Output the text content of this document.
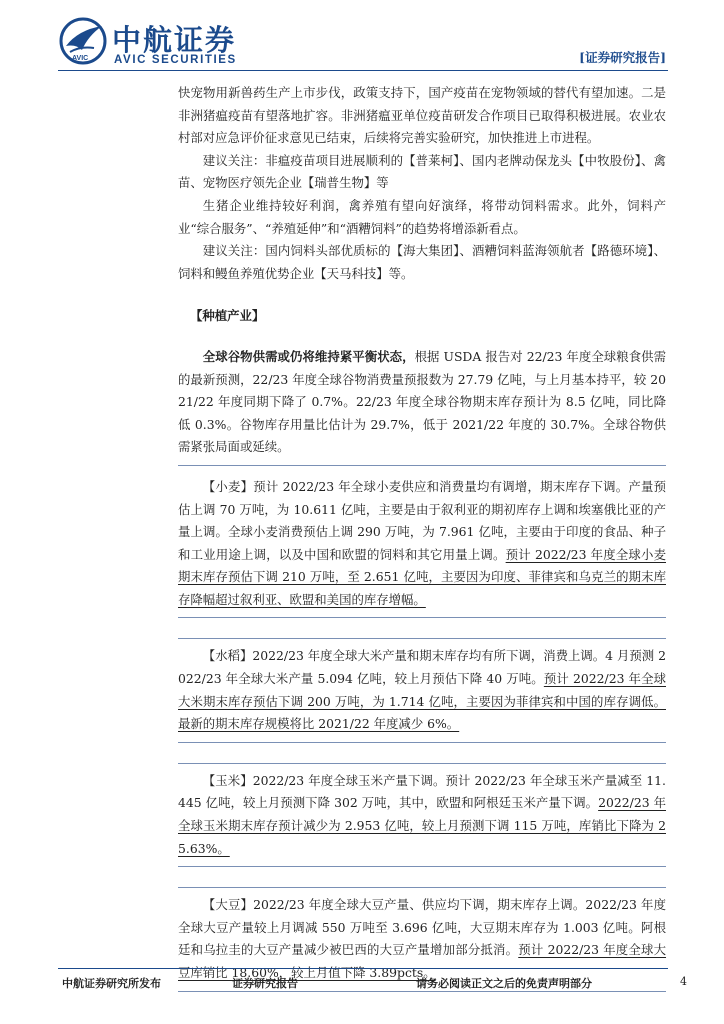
AVIC
中航证券
AVIC SECURITIES	[证券研究报告]

快宠物用新兽药生产上市步伐，政策支持下，国产疫苗在宠物领域的替代有望加速。二是非洲猪瘟疫苗有望落地扩容。非洲猪瘟亚单位疫苗研发合作项目已取得积极进展。农业农村部对应急评价征求意见已结束，后续将完善实验研究，加快推进上市进程。

建议关注：非瘟疫苗项目进展顺利的【普莱柯】、国内老牌动保龙头【中牧股份】、禽苗、宠物医疗领先企业【瑞普生物】等

生猪企业维持较好利润，禽养殖有望向好演绎，将带动饲料需求。此外，饲料产业“综合服务”、“养殖延伸”和“酒糟饲料”的趋势将增添新看点。

建议关注：国内饲料头部优质标的【海大集团】、酒糟饲料蓝海领航者【路德环境】、饲料和鳗鱼养殖优势企业【天马科技】等。

【种植产业】

全球谷物供需或仍将维持紧平衡状态，根据 USDA 报告对 22/23 年度全球粮食供需的最新预测，22/23 年度全球谷物消费量预报数为 27.79 亿吨，与上月基本持平，较 2021/22 年度同期下降了 0.7%。22/23 年度全球谷物期末库存预计为 8.5 亿吨，同比降低 0.3%。谷物库存用量比估计为 29.7%，低于 2021/22 年度的 30.7%。全球谷物供需紧张局面或延续。

【小麦】预计 2022/23 年全球小麦供应和消费量均有调增，期末库存下调。产量预估上调 70 万吨，为 10.611 亿吨，主要是由于叙利亚的期初库存上调和埃塞俄比亚的产量上调。全球小麦消费预估上调 290 万吨，为 7.961 亿吨，主要由于印度的食品、种子和工业用途上调，以及中国和欧盟的饲料和其它用量上调。预计 2022/23 年度全球小麦期末库存预估下调 210 万吨，至 2.651 亿吨，主要因为印度、菲律宾和乌克兰的期末库存降幅超过叙利亚、欧盟和美国的库存增幅。

【水稻】2022/23 年度全球大米产量和期末库存均有所下调，消费上调。4 月预测 2022/23 年全球大米产量 5.094 亿吨，较上月预估下降 40 万吨。预计 2022/23 年全球大米期末库存预估下调 200 万吨，为 1.714 亿吨，主要因为菲律宾和中国的库存调低。最新的期末库存规模将比 2021/22 年度减少 6%。

【玉米】2022/23 年度全球玉米产量下调。预计 2022/23 年全球玉米产量减至 11.445 亿吨，较上月预测下降 302 万吨，其中，欧盟和阿根廷玉米产量下调。2022/23 年全球玉米期末库存预计减少为 2.953 亿吨，较上月预测下调 115 万吨，库销比下降为 25.63%。

【大豆】2022/23 年度全球大豆产量、供应均下调，期末库存上调。2022/23 年度全球大豆产量较上月调减 550 万吨至 3.696 亿吨，大豆期末库存为 1.003 亿吨。阿根廷和乌拉圭的大豆产量减少被巴西的大豆产量增加部分抵消。预计 2022/23 年度全球大豆库销比 18.60%，较上月值下降 3.89pcts。

中航证券研究所发布	证券研究报告	请务必阅读正文之后的免责声明部分	4
